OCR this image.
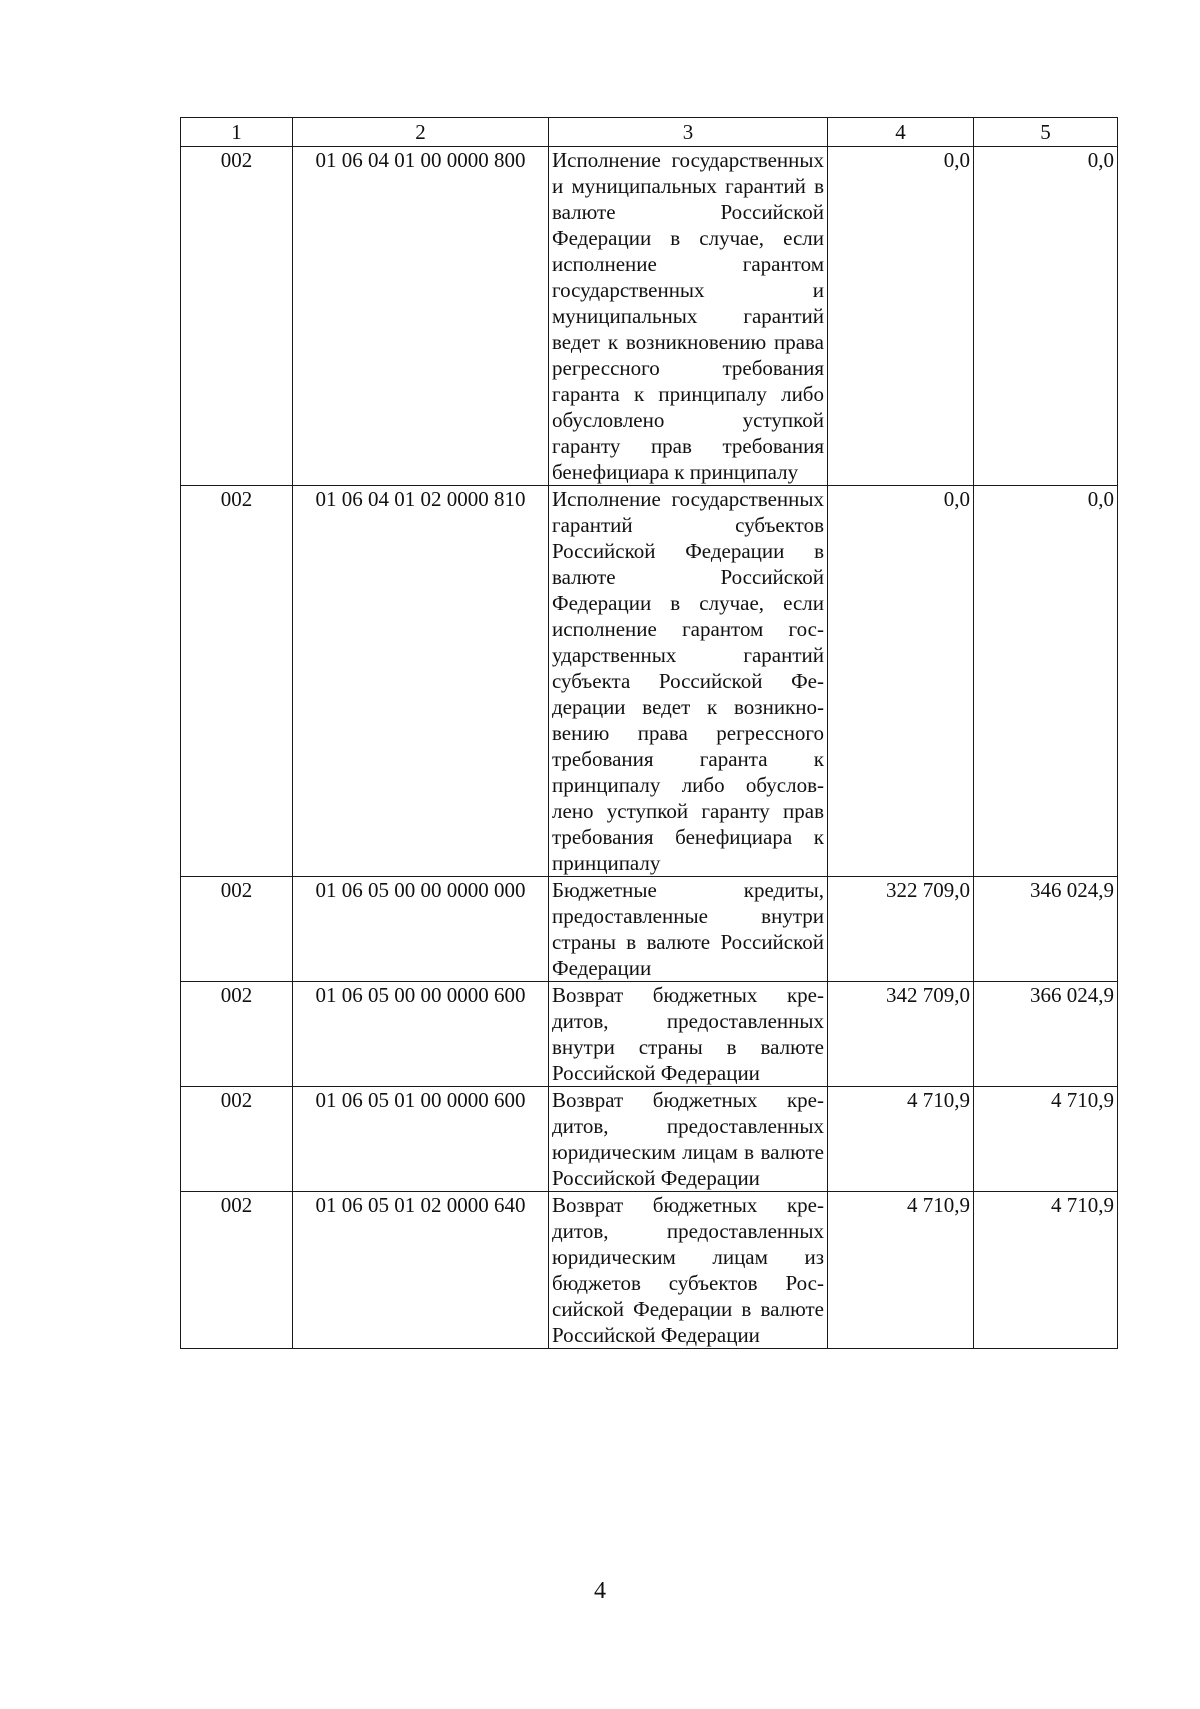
1	2	3	4	5
002	01 06 04 01 00 0000 800	Исполнение государственных и муниципальных гарантий в валюте Российской Федерации в случае, если исполнение гарантом государственных и муниципальных гарантий ведет к возникновению права регрессного требования гаранта к принципалу либо обусловлено уступкой гаранту прав требования бенефициара к принципалу	0,0	0,0
002	01 06 04 01 02 0000 810	Исполнение государственных гарантий субъектов Российской Федерации в валюте Российской Федерации в случае, если исполнение гарантом государственных гарантий субъекта Российской Федерации ведет к возникновению права регрессного требования гаранта к принципалу либо обусловлено уступкой гаранту прав требования бенефициара к принципалу	0,0	0,0
002	01 06 05 00 00 0000 000	Бюджетные кредиты, предоставленные внутри страны в валюте Российской Федерации	322 709,0	346 024,9
002	01 06 05 00 00 0000 600	Возврат бюджетных кредитов, предоставленных внутри страны в валюте Российской Федерации	342 709,0	366 024,9
002	01 06 05 01 00 0000 600	Возврат бюджетных кредитов, предоставленных юридическим лицам в валюте Российской Федерации	4 710,9	4 710,9
002	01 06 05 01 02 0000 640	Возврат бюджетных кредитов, предоставленных юридическим лицам из бюджетов субъектов Российской Федерации в валюте Российской Федерации	4 710,9	4 710,9
4
